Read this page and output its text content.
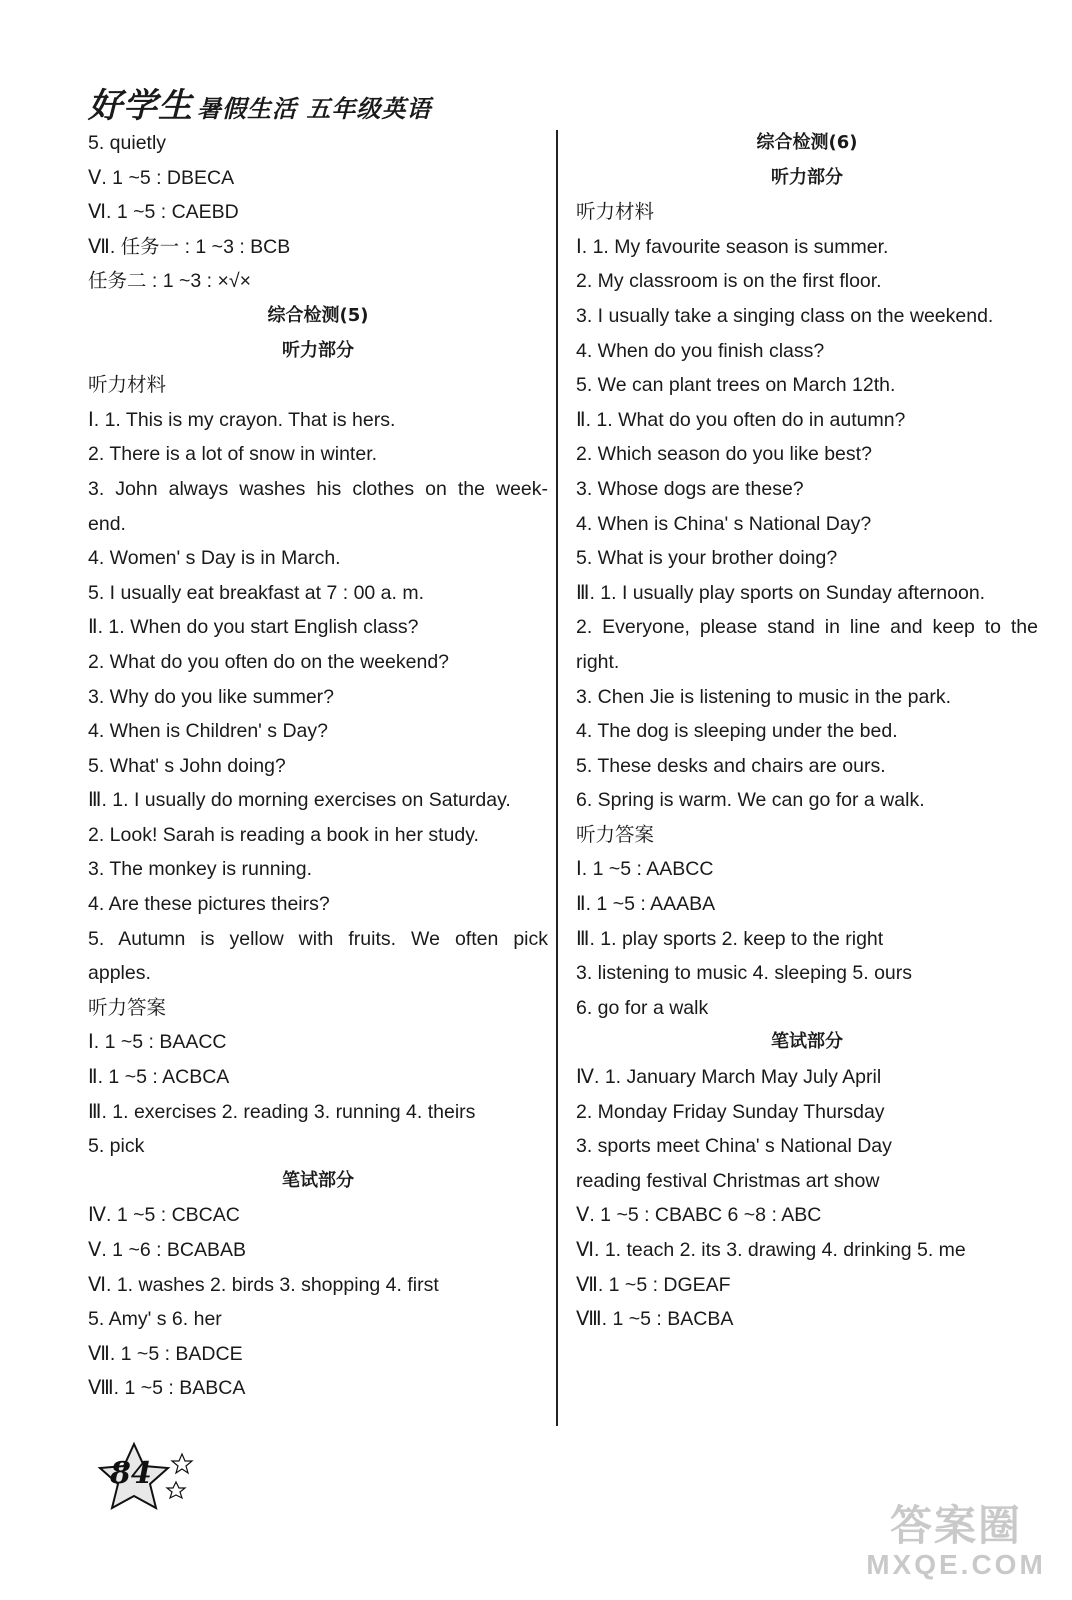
好学生 暑假生活 五年级英语
5. quietly
Ⅴ. 1 ~5 : DBECA
Ⅵ. 1 ~5 : CAEBD
Ⅶ. 任务一 : 1 ~3 : BCB
任务二 : 1 ~3 : ×√×
综合检测(5)
听力部分
听力材料
Ⅰ. 1. This is my crayon. That is hers.
2. There is a lot of snow in winter.
3. John always washes his clothes on the week-
end.
4. Women' s Day is in March.
5. I usually eat breakfast at 7 : 00 a. m.
Ⅱ. 1. When do you start English class?
2. What do you often do on the weekend?
3. Why do you like summer?
4. When is Children' s Day?
5. What' s John doing?
Ⅲ. 1. I usually do morning exercises on Saturday.
2. Look! Sarah is reading a book in her study.
3. The monkey is running.
4. Are these pictures theirs?
5. Autumn is yellow with fruits. We often pick
apples.
听力答案
Ⅰ. 1 ~5 : BAACC
Ⅱ. 1 ~5 : ACBCA
Ⅲ. 1. exercises 2. reading 3. running 4. theirs
5. pick
笔试部分
Ⅳ. 1 ~5 : CBCAC
Ⅴ. 1 ~6 : BCABAB
Ⅵ. 1. washes 2. birds 3. shopping 4. first
5. Amy' s 6. her
Ⅶ. 1 ~5 : BADCE
Ⅷ. 1 ~5 : BABCA
综合检测(6)
听力部分
听力材料
Ⅰ. 1. My favourite season is summer.
2. My classroom is on the first floor.
3. I usually take a singing class on the weekend.
4. When do you finish class?
5. We can plant trees on March 12th.
Ⅱ. 1. What do you often do in autumn?
2. Which season do you like best?
3. Whose dogs are these?
4. When is China' s National Day?
5. What is your brother doing?
Ⅲ. 1. I usually play sports on Sunday afternoon.
2. Everyone, please stand in line and keep to the
right.
3. Chen Jie is listening to music in the park.
4. The dog is sleeping under the bed.
5. These desks and chairs are ours.
6. Spring is warm. We can go for a walk.
听力答案
Ⅰ. 1 ~5 : AABCC
Ⅱ. 1 ~5 : AAABA
Ⅲ. 1. play sports 2. keep to the right
3. listening to music 4. sleeping 5. ours
6. go for a walk
笔试部分
Ⅳ. 1. January March May July April
2. Monday Friday Sunday Thursday
3. sports meet China' s National Day
reading festival Christmas art show
Ⅴ. 1 ~5 : CBABC 6 ~8 : ABC
Ⅵ. 1. teach 2. its 3. drawing 4. drinking 5. me
Ⅶ. 1 ~5 : DGEAF
Ⅷ. 1 ~5 : BACBA
84
答案圈
MXQE.COM
